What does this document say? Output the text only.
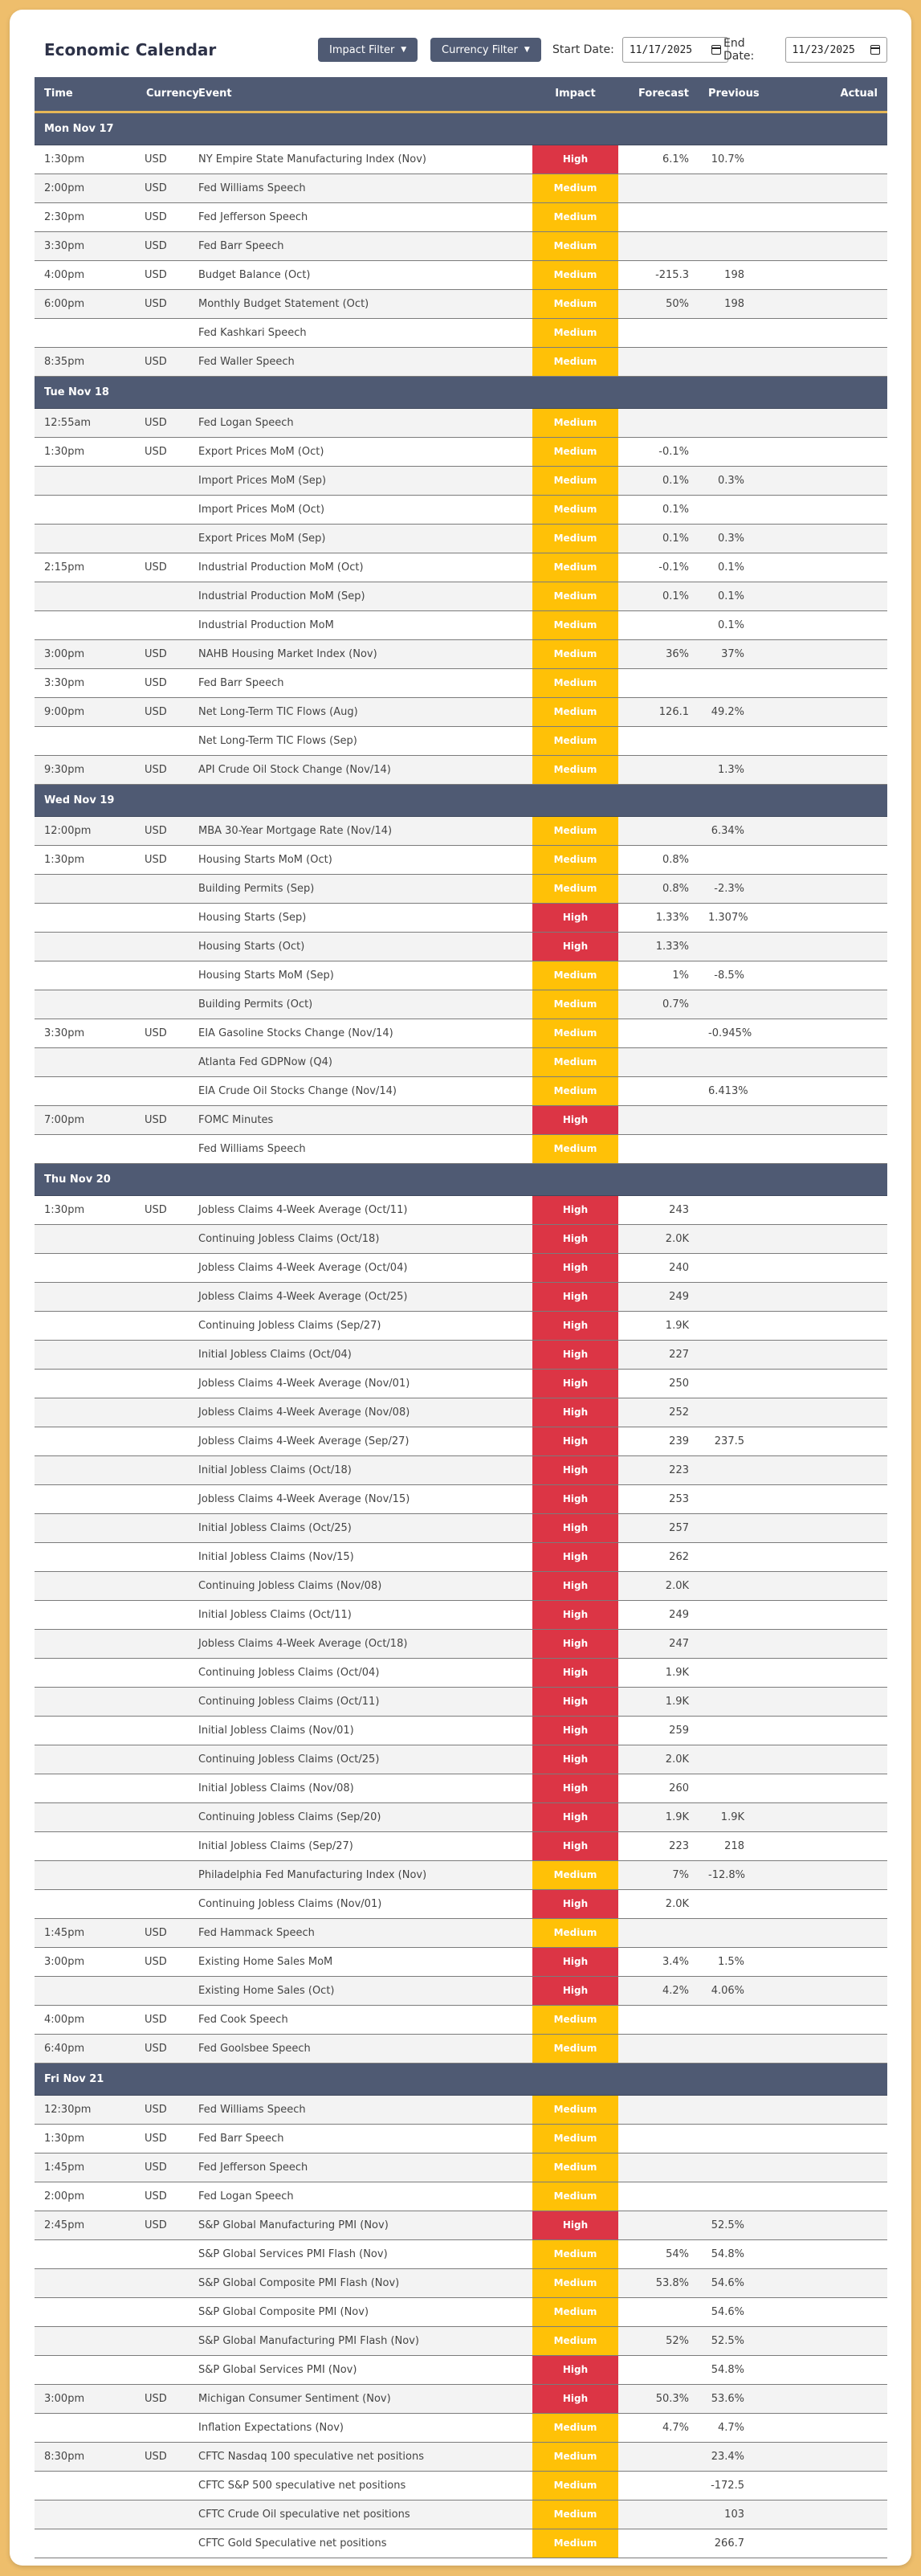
Economic Calendar	Impact Filter ▼	Currency Filter ▼ Start Date: 11/17/2025	End Date:	11/23/2025
Time	Currency	Event	Impact	Forecast	Previous	Actual
Mon Nov 17						
1:30pm	USD	NY Empire State Manufacturing Index (Nov)	High	6.1%	10.7%	
2:00pm	USD	Fed Williams Speech	Medium			
2:30pm	USD	Fed Jefferson Speech	Medium			
3:30pm	USD	Fed Barr Speech	Medium			
4:00pm	USD	Budget Balance (Oct)	Medium	-215.3	198	
6:00pm	USD	Monthly Budget Statement (Oct)	Medium	50%	198	
		Fed Kashkari Speech	Medium			
8:35pm	USD	Fed Waller Speech	Medium			
Tue Nov 18						
12:55am	USD	Fed Logan Speech	Medium			
1:30pm	USD	Export Prices MoM (Oct)	Medium	-0.1%		
		Import Prices MoM (Sep)	Medium	0.1%	0.3%	
		Import Prices MoM (Oct)	Medium	0.1%		
		Export Prices MoM (Sep)	Medium	0.1%	0.3%	
2:15pm	USD	Industrial Production MoM (Oct)	Medium	-0.1%	0.1%	
		Industrial Production MoM (Sep)	Medium	0.1%	0.1%	
		Industrial Production MoM	Medium		0.1%	
3:00pm	USD	NAHB Housing Market Index (Nov)	Medium	36%	37%	
3:30pm	USD	Fed Barr Speech	Medium			
9:00pm	USD	Net Long-Term TIC Flows (Aug)	Medium	126.1	49.2%	
		Net Long-Term TIC Flows (Sep)	Medium			
9:30pm	USD	API Crude Oil Stock Change (Nov/14)	Medium		1.3%	
Wed Nov 19						
12:00pm	USD	MBA 30-Year Mortgage Rate (Nov/14)	Medium		6.34%	
1:30pm	USD	Housing Starts MoM (Oct)	Medium	0.8%		
		Building Permits (Sep)	Medium	0.8%	-2.3%	
		Housing Starts (Sep)	High	1.33%	1.307%	
		Housing Starts (Oct)	High	1.33%		
		Housing Starts MoM (Sep)	Medium	1%	-8.5%	
		Building Permits (Oct)	Medium	0.7%		
3:30pm	USD	EIA Gasoline Stocks Change (Nov/14)	Medium		-0.945%	
		Atlanta Fed GDPNow (Q4)	Medium			
		EIA Crude Oil Stocks Change (Nov/14)	Medium		6.413%	
7:00pm	USD	FOMC Minutes	High			
		Fed Williams Speech	Medium			
Thu Nov 20						
1:30pm	USD	Jobless Claims 4-Week Average (Oct/11)	High	243		
		Continuing Jobless Claims (Oct/18)	High	2.0K		
		Jobless Claims 4-Week Average (Oct/04)	High	240		
		Jobless Claims 4-Week Average (Oct/25)	High	249		
		Continuing Jobless Claims (Sep/27)	High	1.9K		
		Initial Jobless Claims (Oct/04)	High	227		
		Jobless Claims 4-Week Average (Nov/01)	High	250		
		Jobless Claims 4-Week Average (Nov/08)	High	252		
		Jobless Claims 4-Week Average (Sep/27)	High	239	237.5	
		Initial Jobless Claims (Oct/18)	High	223		
		Jobless Claims 4-Week Average (Nov/15)	High	253		
		Initial Jobless Claims (Oct/25)	High	257		
		Initial Jobless Claims (Nov/15)	High	262		
		Continuing Jobless Claims (Nov/08)	High	2.0K		
		Initial Jobless Claims (Oct/11)	High	249		
		Jobless Claims 4-Week Average (Oct/18)	High	247		
		Continuing Jobless Claims (Oct/04)	High	1.9K		
		Continuing Jobless Claims (Oct/11)	High	1.9K		
		Initial Jobless Claims (Nov/01)	High	259		
		Continuing Jobless Claims (Oct/25)	High	2.0K		
		Initial Jobless Claims (Nov/08)	High	260		
		Continuing Jobless Claims (Sep/20)	High	1.9K	1.9K	
		Initial Jobless Claims (Sep/27)	High	223	218	
		Philadelphia Fed Manufacturing Index (Nov)	Medium	7%	-12.8%	
		Continuing Jobless Claims (Nov/01)	High	2.0K		
1:45pm	USD	Fed Hammack Speech	Medium			
3:00pm	USD	Existing Home Sales MoM	High	3.4%	1.5%	
		Existing Home Sales (Oct)	High	4.2%	4.06%	
4:00pm	USD	Fed Cook Speech	Medium			
6:40pm	USD	Fed Goolsbee Speech	Medium			
Fri Nov 21						
12:30pm	USD	Fed Williams Speech	Medium			
1:30pm	USD	Fed Barr Speech	Medium			
1:45pm	USD	Fed Jefferson Speech	Medium			
2:00pm	USD	Fed Logan Speech	Medium			
2:45pm	USD	S&P Global Manufacturing PMI (Nov)	High		52.5%	
		S&P Global Services PMI Flash (Nov)	Medium	54%	54.8%	
		S&P Global Composite PMI Flash (Nov)	Medium	53.8%	54.6%	
		S&P Global Composite PMI (Nov)	Medium		54.6%	
		S&P Global Manufacturing PMI Flash (Nov)	Medium	52%	52.5%	
		S&P Global Services PMI (Nov)	High		54.8%	
3:00pm	USD	Michigan Consumer Sentiment (Nov)	High	50.3%	53.6%	
		Inflation Expectations (Nov)	Medium	4.7%	4.7%	
8:30pm	USD	CFTC Nasdaq 100 speculative net positions	Medium		23.4%	
		CFTC S&P 500 speculative net positions	Medium		-172.5	
		CFTC Crude Oil speculative net positions	Medium		103	
		CFTC Gold Speculative net positions	Medium		266.7	
